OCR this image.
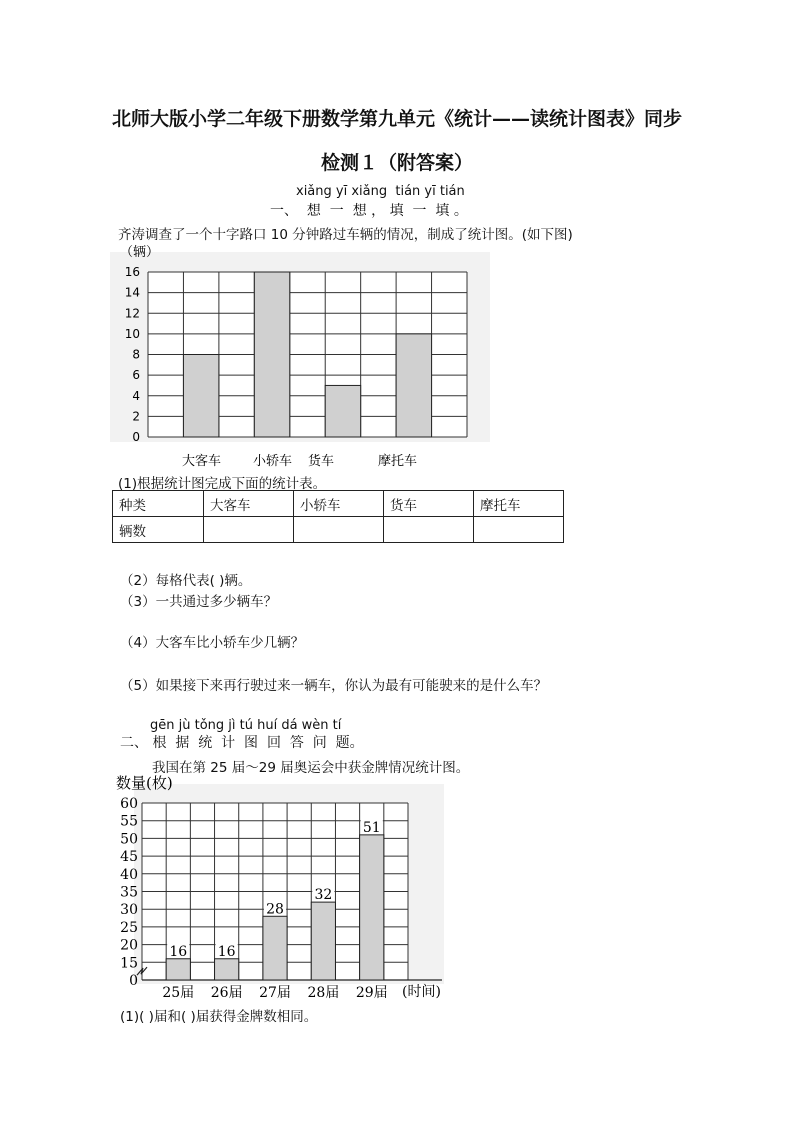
北师大版小学二年级下册数学第九单元《统计——读统计图表》同步
检测１（附答案）
xiǎng yī xiǎng  tián yī tián
一、  想  一  想 ， 填  一  填 。
齐涛调查了一个十字路口 10 分钟路过车辆的情况，制成了统计图。(如下图)
0
2
4
6
8
10
12
14
16
大客车 小轿车 货车	摩托车
（辆）
(1)根据统计图完成下面的统计表。
种类	大客车	小轿车	货车	摩托车
辆数				
（2）每格代表( )辆。
（3）一共通过多少辆车？
（4）大客车比小轿车少几辆？
（5）如果接下来再行驶过来一辆车，你认为最有可能驶来的是什么车？
gēn jù tǒng jì tú huí dá wèn tí
二、 根  据  统  计  图  回  答  问  题。
我国在第 25 届～29 届奥运会中获金牌情况统计图。
16 16
28
32
51
0
15
20
25
30
35
40
45
50
55
60
25届 26届 27届 28届 29届
数量(枚)
(时间)
(1)( )届和( )届获得金牌数相同。
